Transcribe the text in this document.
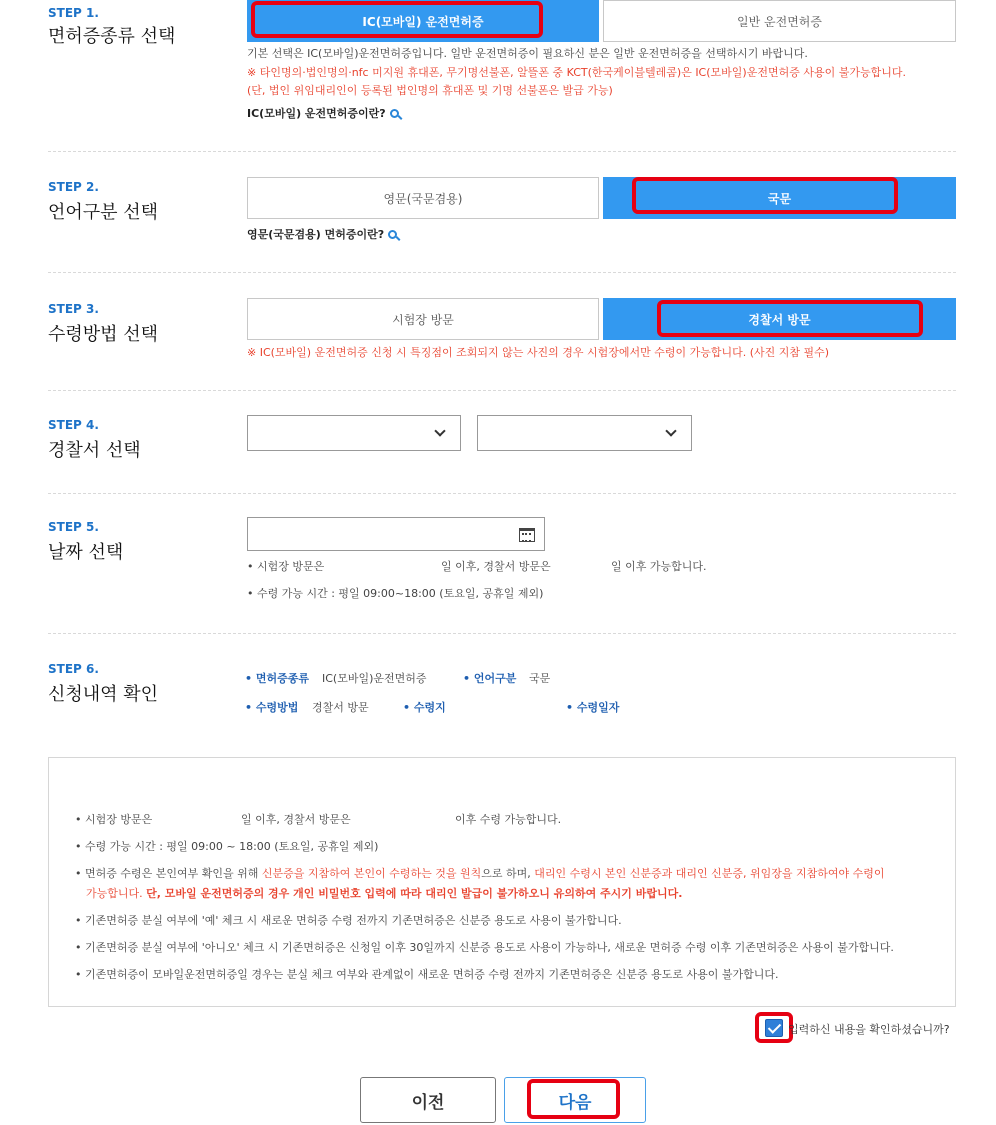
STEP 1.
면허증종류 선택
IC(모바일) 운전면허증	일반 운전면허증
기본 선택은 IC(모바일)운전면허증입니다. 일반 운전면허증이 필요하신 분은 일반 운전면허증을 선택하시기 바랍니다.
※ 타인명의·법인명의·nfc 미지원 휴대폰, 무기명선불폰, 알뜰폰 중 KCT(한국케이블텔레콤)은 IC(모바일)운전면허증 사용이 불가능합니다.
(단, 법인 위임대리인이 등록된 법인명의 휴대폰 및 기명 선불폰은 발급 가능)
IC(모바일) 운전면허증이란?
STEP 2.
언어구분 선택
영문(국문겸용)	국문
영문(국문겸용) 면허증이란?
STEP 3.
수령방법 선택
시험장 방문	경찰서 방문
※ IC(모바일) 운전면허증 신청 시 특징점이 조회되지 않는 사진의 경우 시험장에서만 수령이 가능합니다. (사진 지참 필수)
STEP 4.
경찰서 선택
STEP 5.
날짜 선택
• 시험장 방문은	일 이후, 경찰서 방문은	일 이후 가능합니다.
• 수령 가능 시간 : 평일 09:00~18:00 (토요일, 공휴일 제외)
STEP 6.
신청내역 확인
• 면허증종류 IC(모바일)운전면허증	• 언어구분 국문
• 수령방법 경찰서 방문	• 수령지	• 수령일자
• 시험장 방문은	일 이후, 경찰서 방문은	이후 수령 가능합니다.
• 수령 가능 시간 : 평일 09:00 ~ 18:00 (토요일, 공휴일 제외)
• 면허증 수령은 본인여부 확인을 위해 신분증을 지참하여 본인이 수령하는 것을 원칙으로 하며, 대리인 수령시 본인 신분증과 대리인 신분증, 위임장을 지참하여야 수령이
가능합니다. 단, 모바일 운전면허증의 경우 개인 비밀번호 입력에 따라 대리인 발급이 불가하오니 유의하여 주시기 바랍니다.
• 기존면허증 분실 여부에 '예' 체크 시 새로운 면허증 수령 전까지 기존면허증은 신분증 용도로 사용이 불가합니다.
• 기존면허증 분실 여부에 '아니오' 체크 시 기존면허증은 신청일 이후 30일까지 신분증 용도로 사용이 가능하나, 새로운 면허증 수령 이후 기존면허증은 사용이 불가합니다.
• 기존면허증이 모바일운전면허증일 경우는 분실 체크 여부와 관계없이 새로운 면허증 수령 전까지 기존면허증은 신분증 용도로 사용이 불가합니다.
입력하신 내용을 확인하셨습니까?
이전	다음
